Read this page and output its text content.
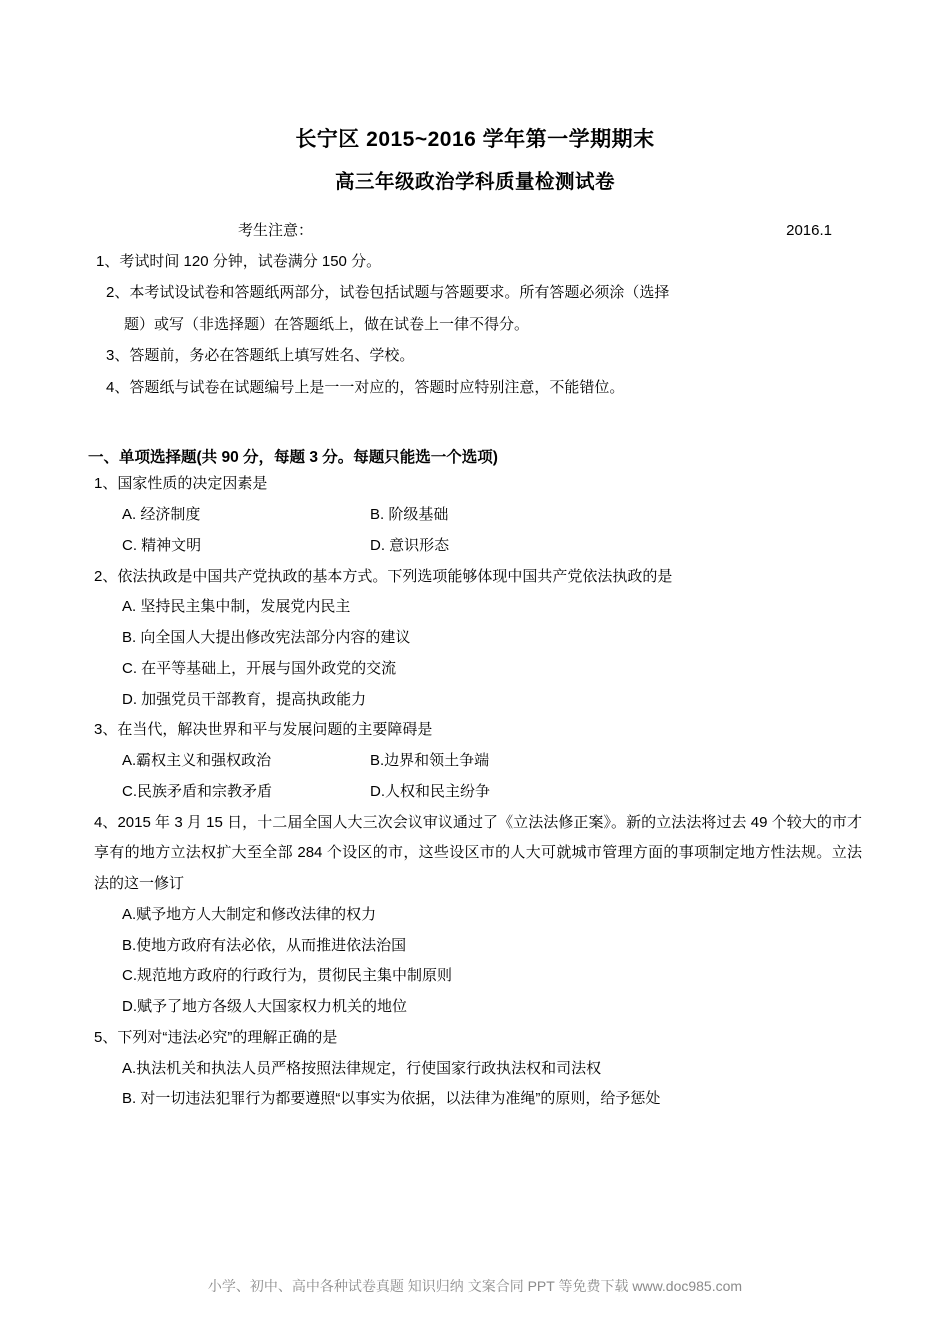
长宁区 2015~2016 学年第一学期期末
高三年级政治学科质量检测试卷
考生注意：	2016.1
1、考试时间 120 分钟，试卷满分 150 分。
2、本考试设试卷和答题纸两部分，试卷包括试题与答题要求。所有答题必须涂（选择
题）或写（非选择题）在答题纸上，做在试卷上一律不得分。
3、答题前，务必在答题纸上填写姓名、学校。
4、答题纸与试卷在试题编号上是一一对应的，答题时应特别注意，不能错位。
一、单项选择题(共 90 分，每题 3 分。每题只能选一个选项)
1、国家性质的决定因素是
A. 经济制度	B. 阶级基础
C. 精神文明	D. 意识形态
2、依法执政是中国共产党执政的基本方式。下列选项能够体现中国共产党依法执政的是
A. 坚持民主集中制，发展党内民主
B. 向全国人大提出修改宪法部分内容的建议
C. 在平等基础上，开展与国外政党的交流
D. 加强党员干部教育，提高执政能力
3、在当代，解决世界和平与发展问题的主要障碍是
A.霸权主义和强权政治	B.边界和领土争端
C.民族矛盾和宗教矛盾	D.人权和民主纷争
4、2015 年 3 月 15 日，十二届全国人大三次会议审议通过了《立法法修正案》。新的立法法将过去 49 个较大的市才享有的地方立法权扩大至全部 284 个设区的市，这些设区市的人大可就城市管理方面的事项制定地方性法规。立法法的这一修订
A.赋予地方人大制定和修改法律的权力
B.使地方政府有法必依，从而推进依法治国
C.规范地方政府的行政行为，贯彻民主集中制原则
D.赋予了地方各级人大国家权力机关的地位
5、下列对“违法必究”的理解正确的是
A.执法机关和执法人员严格按照法律规定，行使国家行政执法权和司法权
B. 对一切违法犯罪行为都要遵照“以事实为依据，以法律为准绳”的原则，给予惩处
小学、初中、高中各种试卷真题 知识归纳 文案合同 PPT 等免费下载 www.doc985.com
